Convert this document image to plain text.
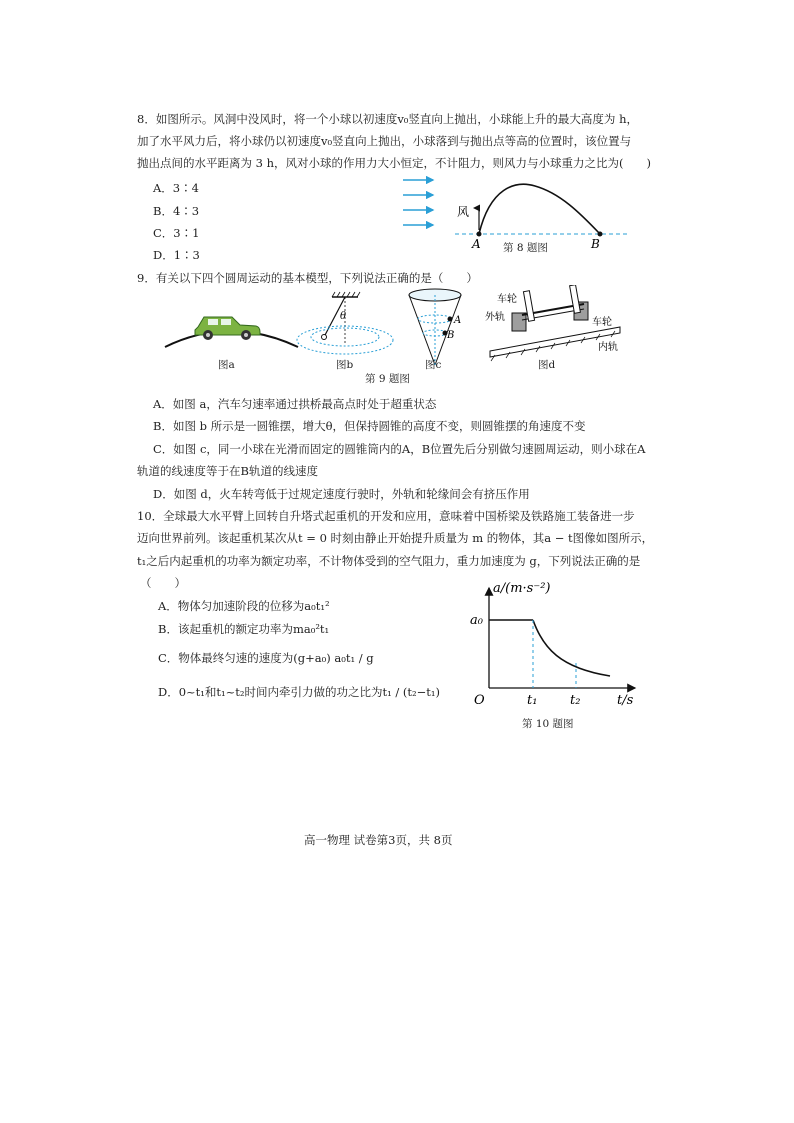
8．如图所示。风洞中没风时，将一个小球以初速度v₀竖直向上抛出，小球能上升的最大高度为 h，
加了水平风力后，将小球仍以初速度v₀竖直向上抛出，小球落到与抛出点等高的位置时，该位置与
抛出点间的水平距离为 3 h，风对小球的作用力大小恒定，不计阻力，则风力与小球重力之比为(　　)
A．3∶4
B．4∶3
C．3∶1
D．1∶3
风
A	B
第 8 题图
9．有关以下四个圆周运动的基本模型，下列说法正确的是（　　）
θ	A
B
车轮
外轨	车轮
内轨
图a	图b	图c	图d
第 9 题图
A．如图 a，汽车匀速率通过拱桥最高点时处于超重状态
B．如图 b 所示是一圆锥摆，增大θ，但保持圆锥的高度不变，则圆锥摆的角速度不变
C．如图 c，同一小球在光滑而固定的圆锥筒内的A，B位置先后分别做匀速圆周运动，则小球在A
轨道的线速度等于在B轨道的线速度
D．如图 d，火车转弯低于过规定速度行驶时，外轨和轮缘间会有挤压作用
10．全球最大水平臂上回转自升塔式起重机的开发和应用，意味着中国桥梁及铁路施工装备进一步
迈向世界前列。该起重机某次从t = 0 时刻由静止开始提升质量为 m 的物体，其a − t图像如图所示，
t₁之后内起重机的功率为额定功率，不计物体受到的空气阻力，重力加速度为 g，下列说法正确的是
（　　）
A．物体匀加速阶段的位移为a₀t₁²
B．该起重机的额定功率为ma₀²t₁
C．物体最终匀速的速度为(g+a₀) a₀t₁ / g
D．0~t₁和t₁~t₂时间内牵引力做的功之比为t₁ / (t₂−t₁)
a/(m·s⁻²)
t/s
a₀
O	t₁	t₂
第 10 题图
高一物理 试卷第3页，共 8页
